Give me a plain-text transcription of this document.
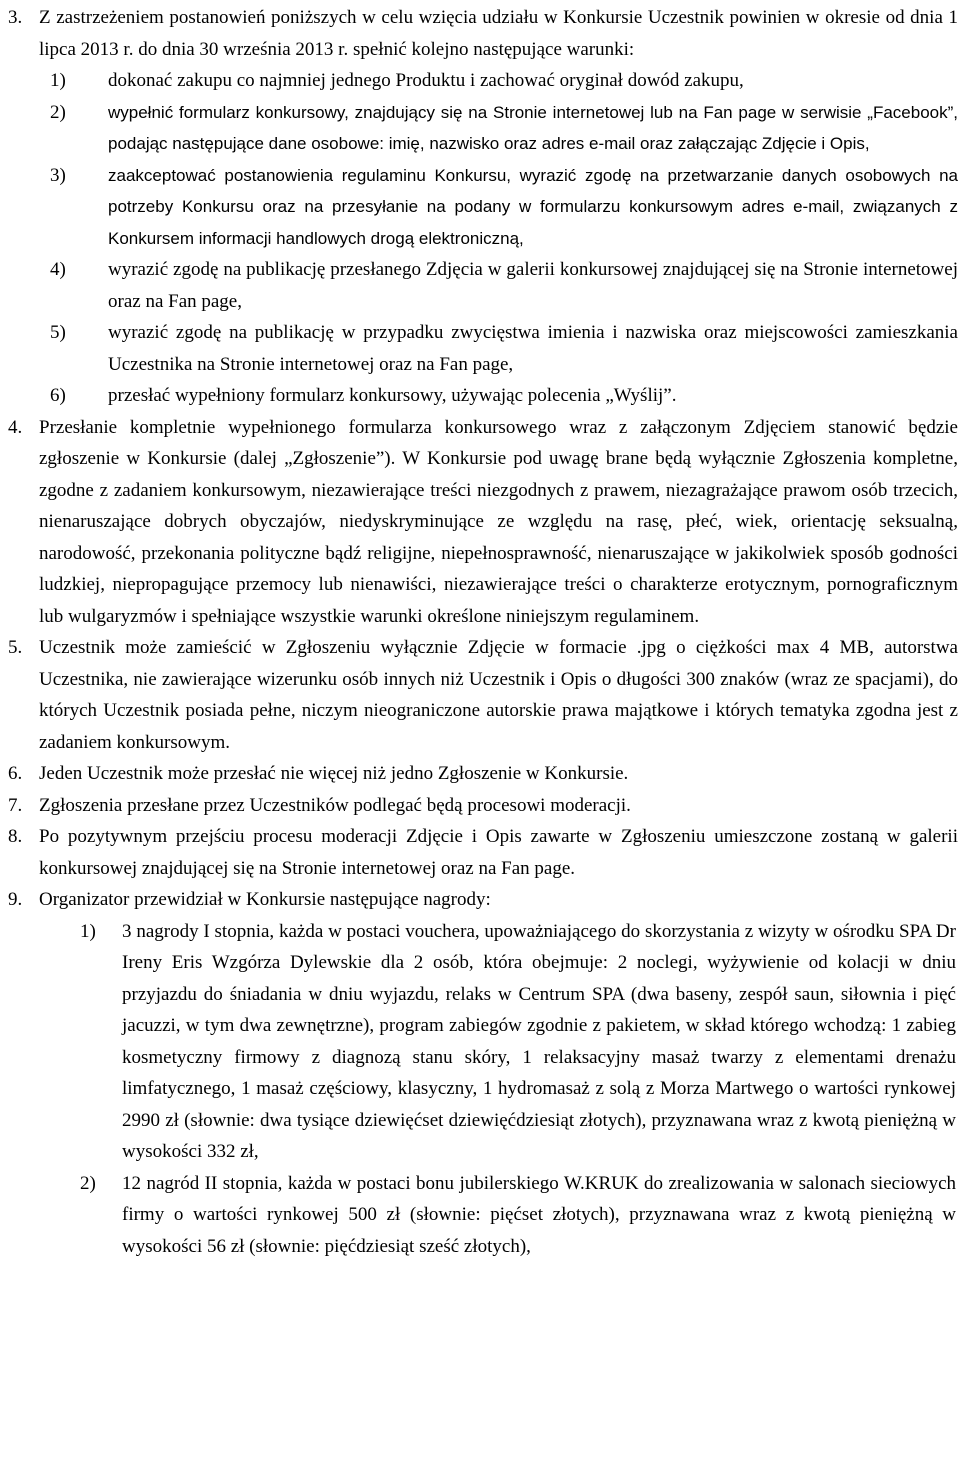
3. Z zastrzeżeniem postanowień poniższych w celu wzięcia udziału w Konkursie Uczestnik powinien w okresie od dnia 1 lipca 2013 r. do dnia 30 września 2013 r. spełnić kolejno następujące warunki:
1) dokonać zakupu co najmniej jednego Produktu i zachować oryginał dowód zakupu,
2) wypełnić formularz konkursowy, znajdujący się na Stronie internetowej lub na Fan page w serwisie „Facebook”, podając następujące dane osobowe: imię, nazwisko oraz adres e-mail oraz załączając Zdjęcie i Opis,
3) zaakceptować postanowienia regulaminu Konkursu, wyrazić zgodę na przetwarzanie danych osobowych na potrzeby Konkursu oraz na przesyłanie na podany w formularzu konkursowym adres e-mail, związanych z Konkursem informacji handlowych drogą elektroniczną,
4) wyrazić zgodę na publikację przesłanego Zdjęcia w galerii konkursowej znajdującej się na Stronie internetowej oraz na Fan page,
5) wyrazić zgodę na publikację w przypadku zwycięstwa imienia i nazwiska oraz miejscowości zamieszkania Uczestnika na Stronie internetowej oraz na Fan page,
6) przesłać wypełniony formularz konkursowy, używając polecenia „Wyślij”.
4. Przesłanie kompletnie wypełnionego formularza konkursowego wraz z załączonym Zdjęciem stanowić będzie zgłoszenie w Konkursie (dalej „Zgłoszenie”). W Konkursie pod uwagę brane będą wyłącznie Zgłoszenia kompletne, zgodne z zadaniem konkursowym, niezawierające treści niezgodnych z prawem, niezagrażające prawom osób trzecich, nienaruszające dobrych obyczajów, niedyskryminujące ze względu na rasę, płeć, wiek, orientację seksualną, narodowość, przekonania polityczne bądź religijne, niepełnosprawność, nienaruszające w jakikolwiek sposób godności ludzkiej, niepropagujące przemocy lub nienawiści, niezawierające treści o charakterze erotycznym, pornograficznym lub wulgaryzmów i spełniające wszystkie warunki określone niniejszym regulaminem.
5. Uczestnik może zamieścić w Zgłoszeniu wyłącznie Zdjęcie w formacie .jpg o ciężkości max 4 MB, autorstwa Uczestnika, nie zawierające wizerunku osób innych niż Uczestnik i Opis o długości 300 znaków (wraz ze spacjami), do których Uczestnik posiada pełne, niczym nieograniczone autorskie prawa majątkowe i których tematyka zgodna jest z zadaniem konkursowym.
6. Jeden Uczestnik może przesłać nie więcej niż jedno Zgłoszenie w Konkursie.
7. Zgłoszenia przesłane przez Uczestników podlegać będą procesowi moderacji.
8. Po pozytywnym przejściu procesu moderacji Zdjęcie i Opis zawarte w Zgłoszeniu umieszczone zostaną w galerii konkursowej znajdującej się na Stronie internetowej oraz na Fan page.
9. Organizator przewidział w Konkursie następujące nagrody:
1) 3 nagrody I stopnia, każda w postaci vouchera, upoważniającego do skorzystania z wizyty w ośrodku SPA Dr Ireny Eris Wzgórza Dylewskie dla 2 osób, która obejmuje: 2 noclegi, wyżywienie od kolacji w dniu przyjazdu do śniadania w dniu wyjazdu, relaks w Centrum SPA (dwa baseny, zespół saun, siłownia i pięć jacuzzi, w tym dwa zewnętrzne), program zabiegów zgodnie z pakietem, w skład którego wchodzą: 1 zabieg kosmetyczny firmowy z diagnozą stanu skóry, 1 relaksacyjny masaż twarzy z elementami drenażu limfatycznego, 1 masaż częściowy, klasyczny, 1 hydromasaż z solą z Morza Martwego o wartości rynkowej 2990 zł (słownie: dwa tysiące dziewięćset dziewięćdziesiąt złotych), przyznawana wraz z kwotą pieniężną w wysokości 332 zł,
2) 12 nagród II stopnia, każda w postaci bonu jubilerskiego W.KRUK do zrealizowania w salonach sieciowych firmy o wartości rynkowej 500 zł (słownie: pięćset złotych), przyznawana wraz z kwotą pieniężną w wysokości 56 zł (słownie: pięćdziesiąt sześć złotych),
